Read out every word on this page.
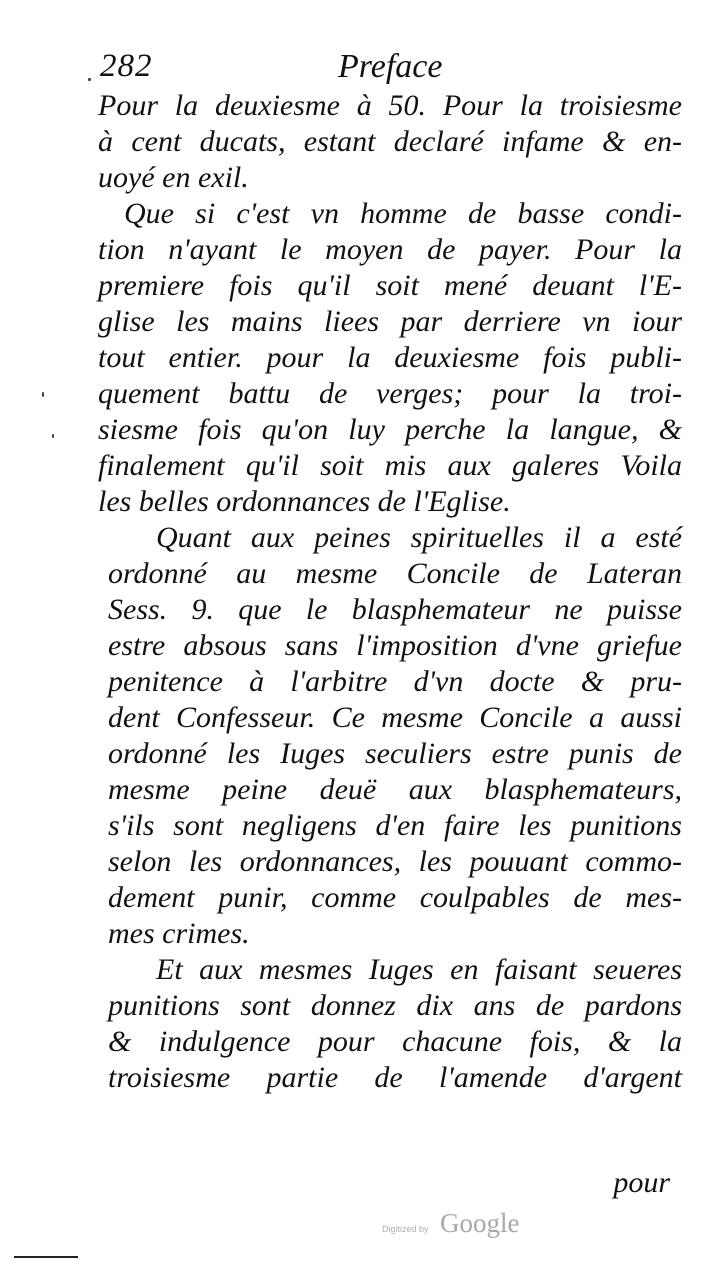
282	Preface
Pour la deuxiesme à 50. Pour la troisiesme
à cent ducats, estant declaré infame & en-
uoyé en exil.
Que si c'est vn homme de basse condi-
tion n'ayant le moyen de payer. Pour la
premiere fois qu'il soit mené deuant l'E-
glise les mains liees par derriere vn iour
tout entier. pour la deuxiesme fois publi-
quement battu de verges; pour la troi-
siesme fois qu'on luy perche la langue, &
finalement qu'il soit mis aux galeres Voila
les belles ordonnances de l'Eglise.
Quant aux peines spirituelles il a esté
ordonné au mesme Concile de Lateran
Sess. 9. que le blasphemateur ne puisse
estre absous sans l'imposition d'vne griefue
penitence à l'arbitre d'vn docte & pru-
dent Confesseur. Ce mesme Concile a aussi
ordonné les Iuges seculiers estre punis de
mesme peine deuë aux blasphemateurs,
s'ils sont negligens d'en faire les punitions
selon les ordonnances, les pouuant commo-
dement punir, comme coulpables de mes-
mes crimes.
Et aux mesmes Iuges en faisant seueres
punitions sont donnez dix ans de pardons
& indulgence pour chacune fois, & la
troisiesme partie de l'amende d'argent
pour
Digitized by Google
